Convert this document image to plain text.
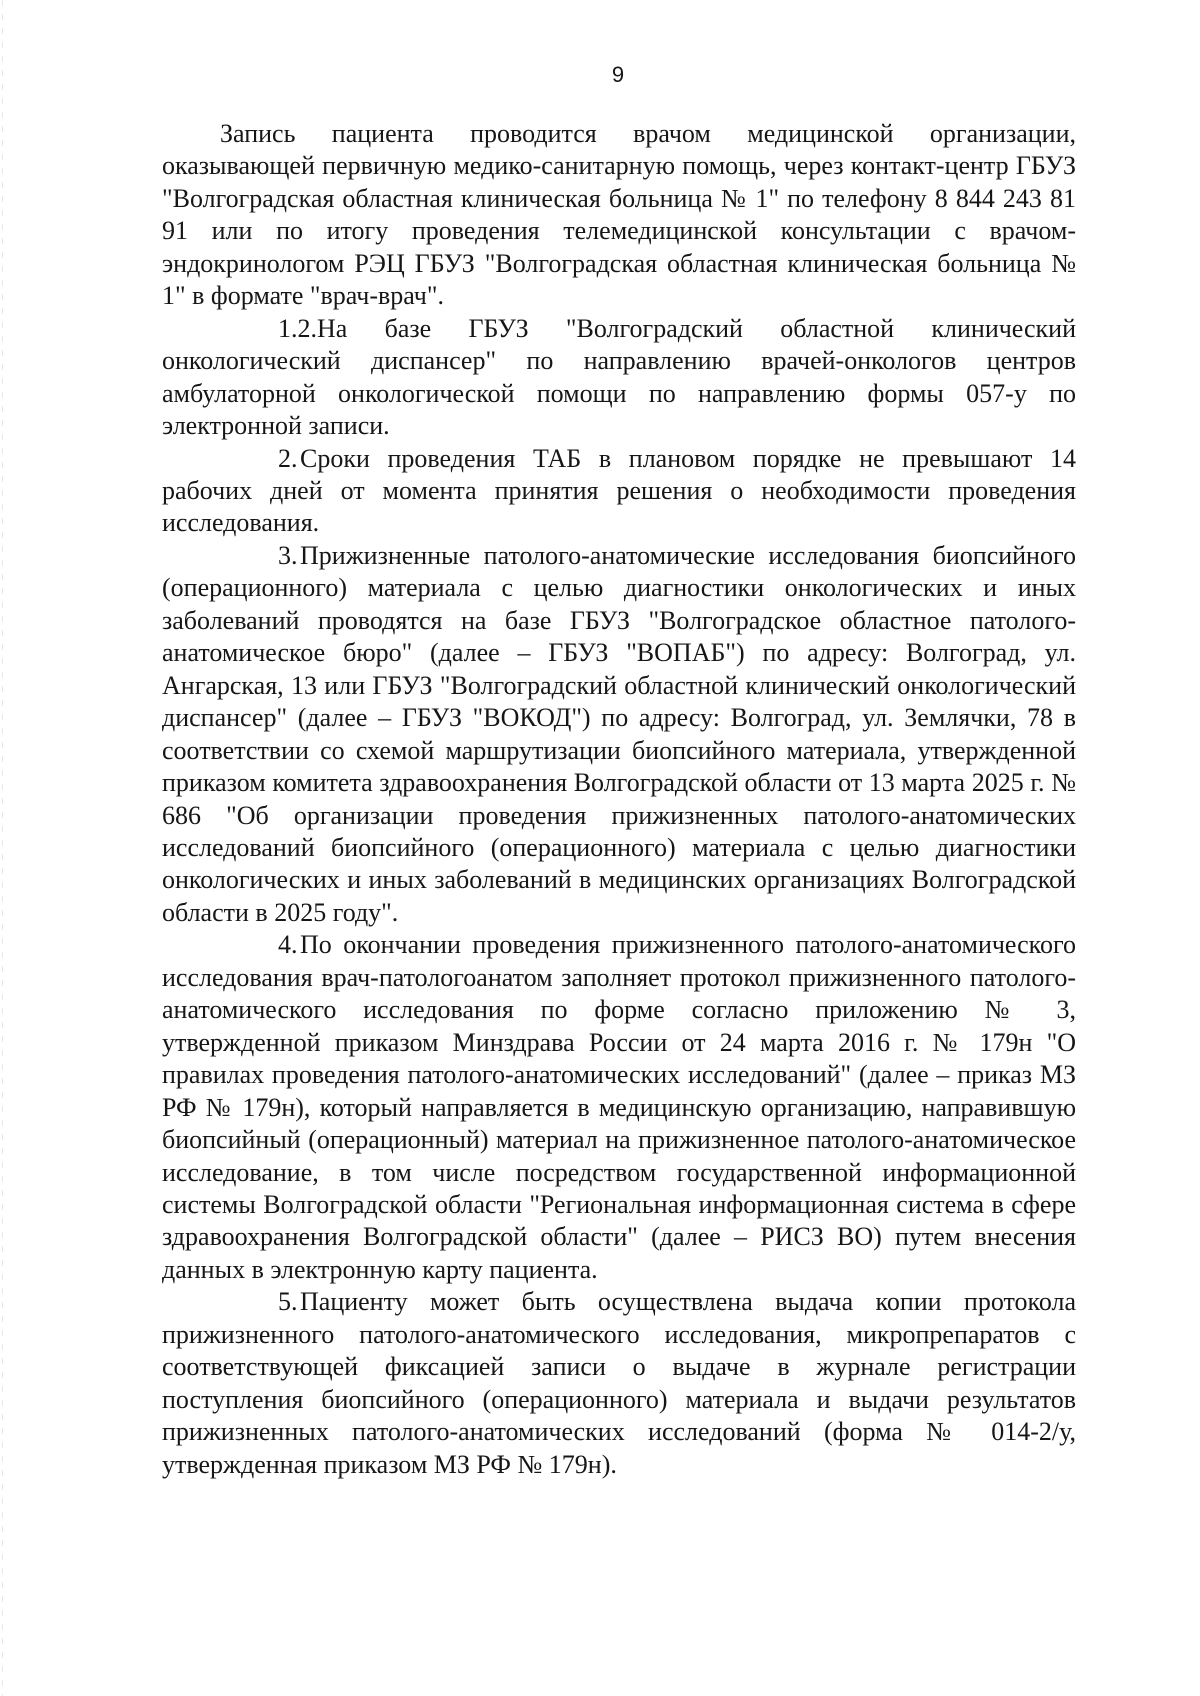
9

Запись пациента проводится врачом медицинской организации, оказывающей первичную медико-санитарную помощь, через контакт-центр ГБУЗ "Волгоградская областная клиническая больница № 1" по телефону 8 844 243 81 91 или по итогу проведения телемедицинской консультации с врачом-эндокринологом РЭЦ ГБУЗ "Волгоградская областная клиническая больница № 1" в формате "врач-врач".

1.2.На базе ГБУЗ "Волгоградский областной клинический онкологический диспансер" по направлению врачей-онкологов центров амбулаторной онкологической помощи по направлению формы 057-у по электронной записи.

2.Сроки проведения ТАБ в плановом порядке не превышают 14 рабочих дней от момента принятия решения о необходимости проведения исследования.

3.Прижизненные патолого-анатомические исследования биопсийного (операционного) материала с целью диагностики онкологических и иных заболеваний проводятся на базе ГБУЗ "Волгоградское областное патолого-анатомическое бюро" (далее – ГБУЗ "ВОПАБ") по адресу: Волгоград, ул. Ангарская, 13 или ГБУЗ "Волгоградский областной клинический онкологический диспансер" (далее – ГБУЗ "ВОКОД") по адресу: Волгоград, ул. Землячки, 78 в соответствии со схемой маршрутизации биопсийного материала, утвержденной приказом комитета здравоохранения Волгоградской области от 13 марта 2025 г. № 686 "Об организации проведения прижизненных патолого-анатомических исследований биопсийного (операционного) материала с целью диагностики онкологических и иных заболеваний в медицинских организациях Волгоградской области в 2025 году".

4.По окончании проведения прижизненного патолого-анатомического исследования врач-патологоанатом заполняет протокол прижизненного патолого-анатомического исследования по форме согласно приложению № 3, утвержденной приказом Минздрава России от 24 марта 2016 г. № 179н "О правилах проведения патолого-анатомических исследований" (далее – приказ МЗ РФ № 179н), который направляется в медицинскую организацию, направившую биопсийный (операционный) материал на прижизненное патолого-анатомическое исследование, в том числе посредством государственной информационной системы Волгоградской области "Региональная информационная система в сфере здравоохранения Волгоградской области" (далее – РИСЗ ВО) путем внесения данных в электронную карту пациента.

5.Пациенту может быть осуществлена выдача копии протокола прижизненного патолого-анатомического исследования, микропрепаратов с соответствующей фиксацией записи о выдаче в журнале регистрации поступления биопсийного (операционного) материала и выдачи результатов прижизненных патолого-анатомических исследований (форма № 014-2/у, утвержденная приказом МЗ РФ № 179н).
